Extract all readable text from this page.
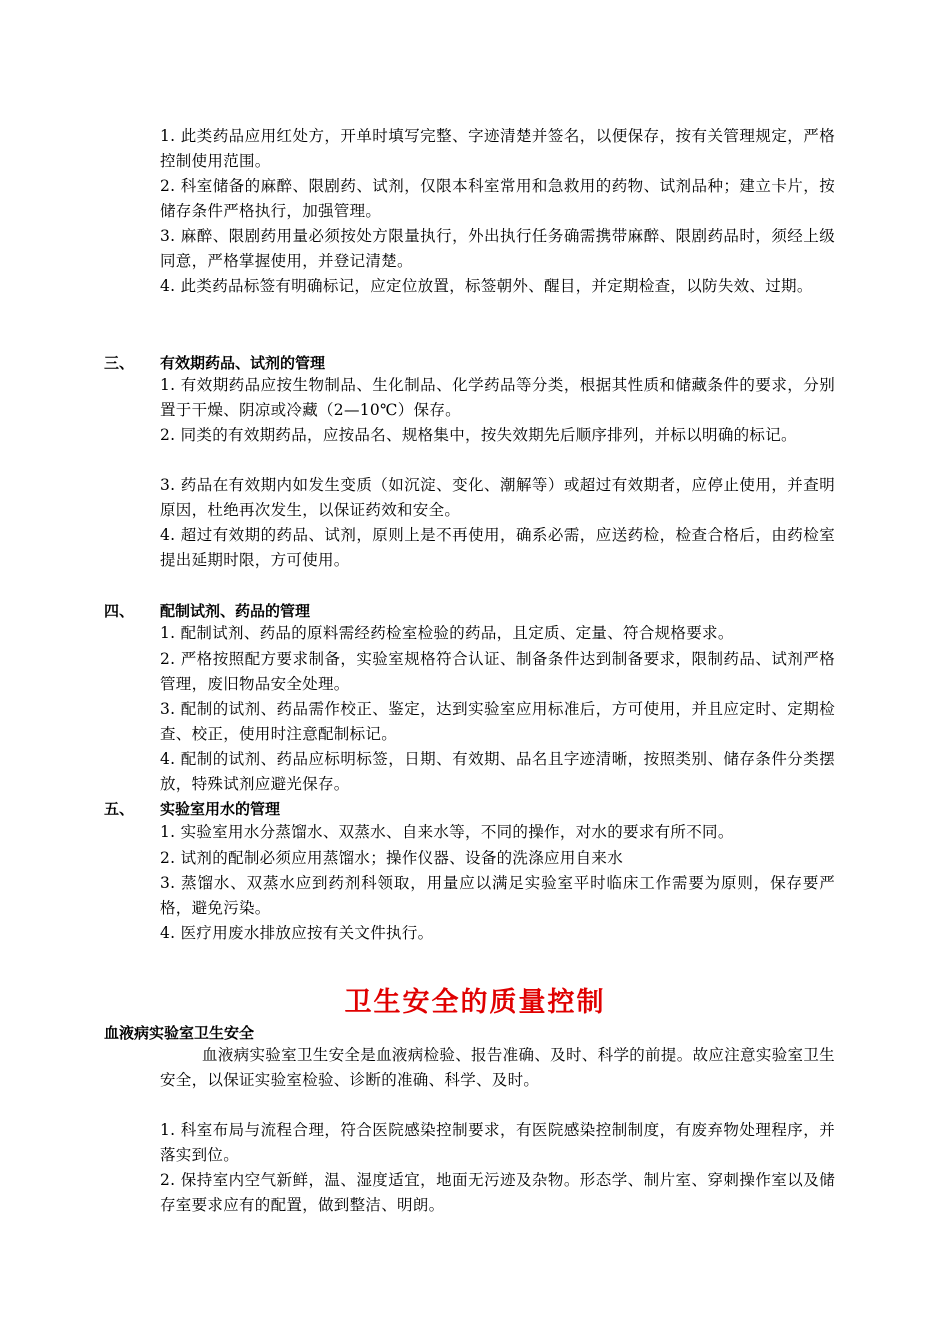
1. 此类药品应用红处方，开单时填写完整、字迹清楚并签名，以便保存，按有关管理规定，严格控制使用范围。
2. 科室储备的麻醉、限剧药、试剂，仅限本科室常用和急救用的药物、试剂品种；建立卡片，按储存条件严格执行，加强管理。
3. 麻醉、限剧药用量必须按处方限量执行，外出执行任务确需携带麻醉、限剧药品时，须经上级同意，严格掌握使用，并登记清楚。
4. 此类药品标签有明确标记，应定位放置，标签朝外、醒目，并定期检查，以防失效、过期。
三、 有效期药品、试剂的管理
1. 有效期药品应按生物制品、生化制品、化学药品等分类，根据其性质和储藏条件的要求，分别置于干燥、阴凉或冷藏（2—10℃）保存。
2. 同类的有效期药品，应按品名、规格集中，按失效期先后顺序排列，并标以明确的标记。
3. 药品在有效期内如发生变质（如沉淀、变化、潮解等）或超过有效期者，应停止使用，并查明原因，杜绝再次发生，以保证药效和安全。
4. 超过有效期的药品、试剂，原则上是不再使用，确系必需，应送药检，检查合格后，由药检室提出延期时限，方可使用。
四、 配制试剂、药品的管理
1. 配制试剂、药品的原料需经药检室检验的药品，且定质、定量、符合规格要求。
2. 严格按照配方要求制备，实验室规格符合认证、制备条件达到制备要求，限制药品、试剂严格管理，废旧物品安全处理。
3. 配制的试剂、药品需作校正、鉴定，达到实验室应用标准后，方可使用，并且应定时、定期检查、校正，使用时注意配制标记。
4. 配制的试剂、药品应标明标签，日期、有效期、品名且字迹清晰，按照类别、储存条件分类摆放，特殊试剂应避光保存。
五、 实验室用水的管理
1. 实验室用水分蒸馏水、双蒸水、自来水等，不同的操作，对水的要求有所不同。
2. 试剂的配制必须应用蒸馏水；操作仪器、设备的洗涤应用自来水
3. 蒸馏水、双蒸水应到药剂科领取，用量应以满足实验室平时临床工作需要为原则，保存要严格，避免污染。
4. 医疗用废水排放应按有关文件执行。
卫生安全的质量控制
血液病实验室卫生安全
血液病实验室卫生安全是血液病检验、报告准确、及时、科学的前提。故应注意实验室卫生安全，以保证实验室检验、诊断的准确、科学、及时。
1. 科室布局与流程合理，符合医院感染控制要求，有医院感染控制制度，有废弃物处理程序，并落实到位。
2. 保持室内空气新鲜，温、湿度适宜，地面无污迹及杂物。形态学、制片室、穿刺操作室以及储存室要求应有的配置，做到整洁、明朗。
